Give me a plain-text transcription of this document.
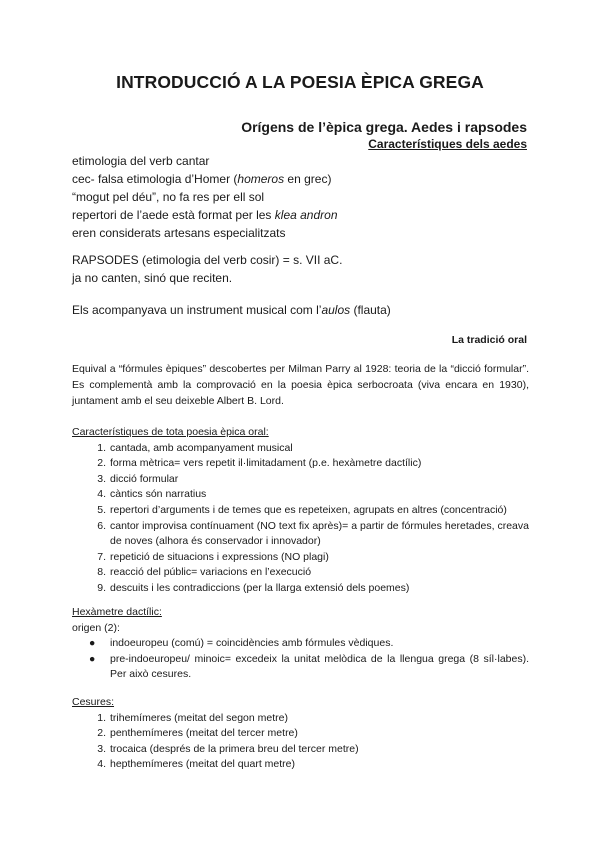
INTRODUCCIÓ A LA POESIA ÈPICA GREGA
Orígens de l’èpica grega. Aedes i rapsodes
Característiques dels aedes

etimologia del verb cantar

cec- falsa etimologia d’Homer (homeros en grec)

“mogut pel déu”, no fa res per ell sol

repertori de l’aede està format per les klea andron

eren considerats artesans especialitzats

RAPSODES (etimologia del verb cosir) = s. VII aC.

ja no canten, sinó que reciten.

Els acompanyava un instrument musical com l’aulos (flauta)

La tradició oral
Equival a “fórmules èpiques” descobertes per Milman Parry al 1928: teoria de la “dicció formular”. Es complementà amb la comprovació en la poesia èpica serbocroata (viva encara en 1930), juntament amb el seu deixeble Albert B. Lord.
Característiques de tota poesia èpica oral:
1. cantada, amb acompanyament musical
2. forma mètrica= vers repetit il·limitadament (p.e. hexàmetre dactílic)
3. dicció formular
4. càntics són narratius
5. repertori d’arguments i de temes que es repeteixen, agrupats en altres (concentració)
6. cantor improvisa contínuament (NO text fix après)= a partir de fórmules heretades, creava de noves (alhora és conservador i innovador)
7. repetició de situacions i expressions (NO plagi)
8. reacció del públic= variacions en l’execució
9. descuits i les contradiccions (per la llarga extensió dels poemes)
Hexàmetre dactílic:
origen (2):
● indoeuropeu (comú) = coincidències amb fórmules vèdiques.
● pre-indoeuropeu/ minoic= excedeix la unitat melòdica de la llengua grega (8 síl·labes). Per això cesures.
Cesures:
1. trihemímeres (meitat del segon metre)
2. penthemímeres (meitat del tercer metre)
3. trocaica (després de la primera breu del tercer metre)
4. hepthemímeres (meitat del quart metre)
